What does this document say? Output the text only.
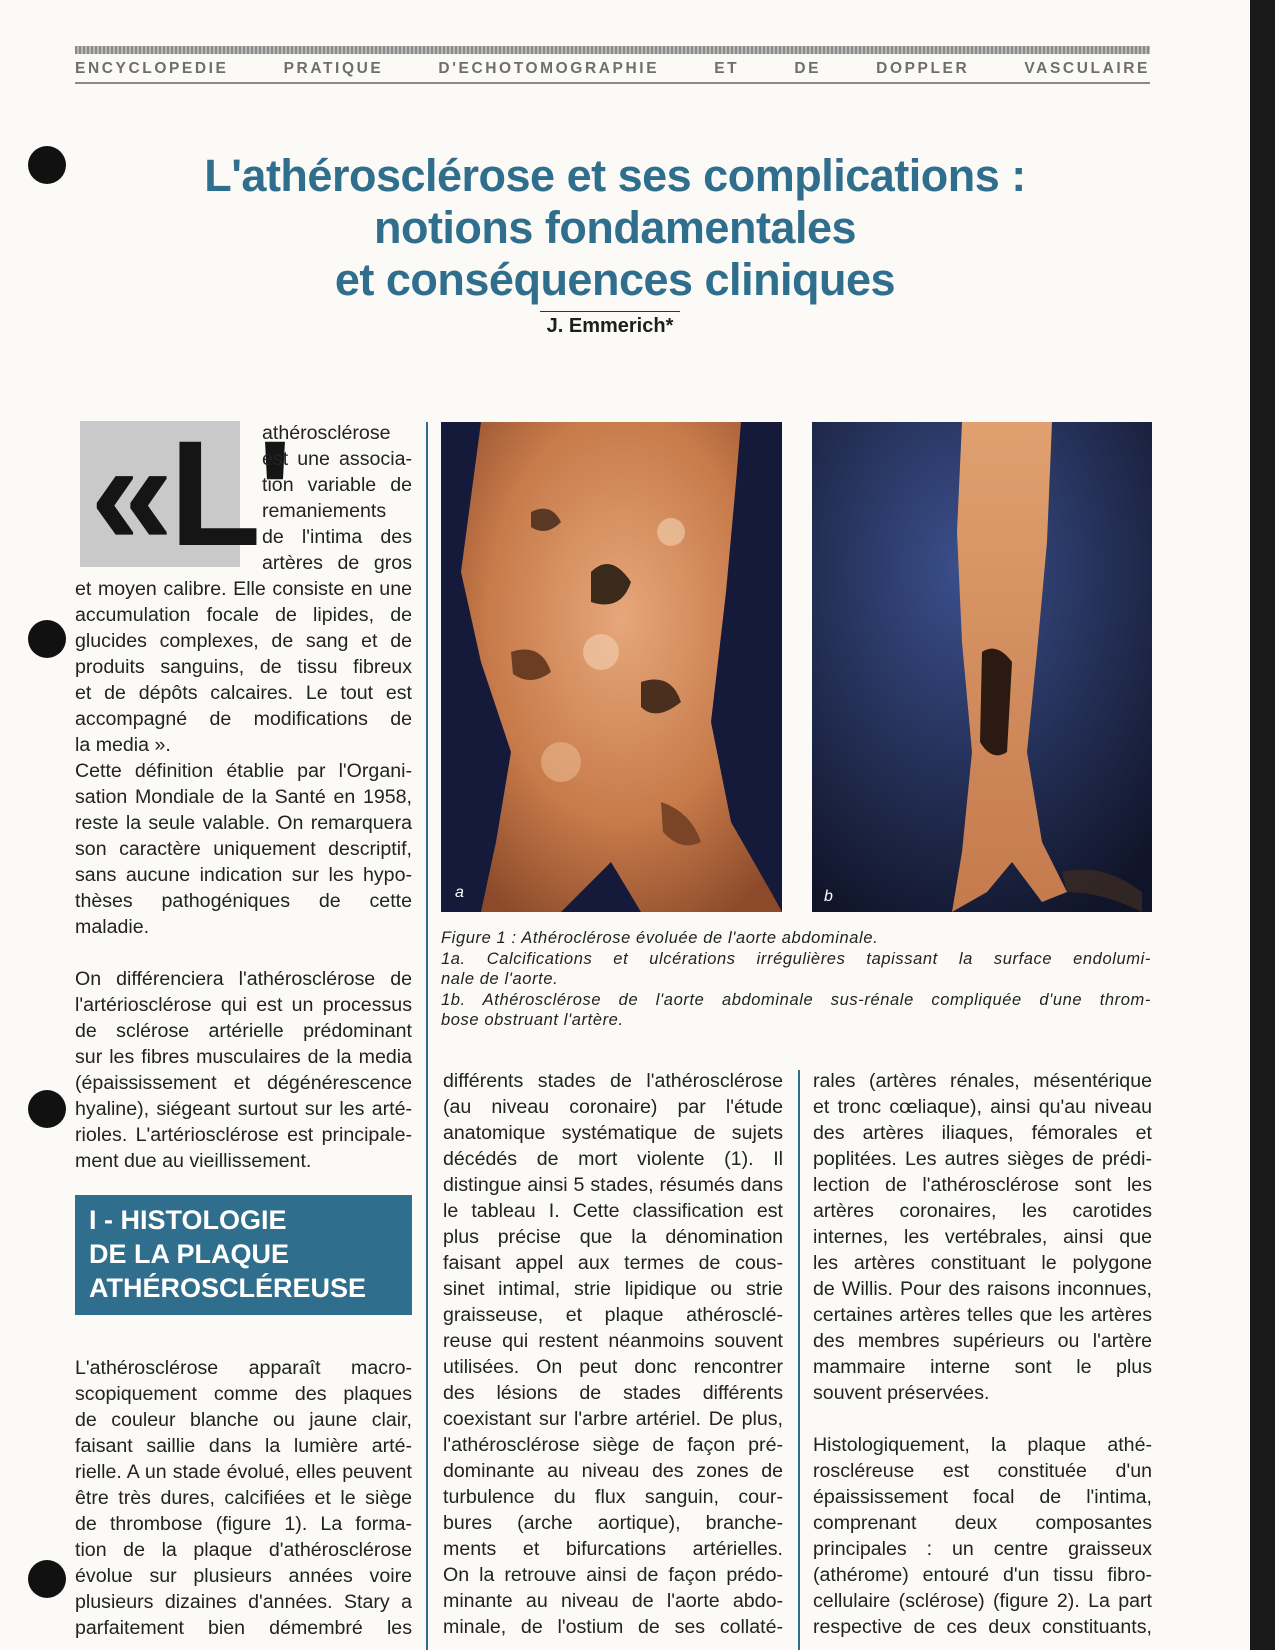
ENCYCLOPEDIE PRATIQUE D'ECHOTOMOGRAPHIE ET DE DOPPLER VASCULAIRE
L'athérosclérose et ses complications :
notions fondamentales
et conséquences cliniques
J. Emmerich*
«L'
athérosclérose
est une associa-
tion variable de
remaniements
de l'intima des
artères de gros
et moyen calibre. Elle consiste en une
accumulation focale de lipides, de
glucides complexes, de sang et de
produits sanguins, de tissu fibreux
et de dépôts calcaires. Le tout est
accompagné de modifications de
la media ».
Cette définition établie par l'Organi-
sation Mondiale de la Santé en 1958,
reste la seule valable. On remarquera
son caractère uniquement descriptif,
sans aucune indication sur les hypo-
thèses pathogéniques de cette
maladie.
On différenciera l'athérosclérose de
l'artériosclérose qui est un processus
de sclérose artérielle prédominant
sur les fibres musculaires de la media
(épaississement et dégénérescence
hyaline), siégeant surtout sur les arté-
rioles. L'artériosclérose est principale-
ment due au vieillissement.
I - HISTOLOGIE
DE LA PLAQUE
ATHÉROSCLÉREUSE
L'athérosclérose apparaît macro-
scopiquement comme des plaques
de couleur blanche ou jaune clair,
faisant saillie dans la lumière arté-
rielle. A un stade évolué, elles peuvent
être très dures, calcifiées et le siège
de thrombose (figure 1). La forma-
tion de la plaque d'athérosclérose
évolue sur plusieurs années voire
plusieurs dizaines d'années. Stary a
parfaitement bien démembré les
a	b
Figure 1 : Athéroclérose évoluée de l'aorte abdominale.
1a. Calcifications et ulcérations irrégulières tapissant la surface endolumi-
nale de l'aorte.
1b. Athérosclérose de l'aorte abdominale sus-rénale compliquée d'une throm-
bose obstruant l'artère.
différents stades de l'athérosclérose
(au niveau coronaire) par l'étude
anatomique systématique de sujets
décédés de mort violente (1). Il
distingue ainsi 5 stades, résumés dans
le tableau I. Cette classification est
plus précise que la dénomination
faisant appel aux termes de cous-
sinet intimal, strie lipidique ou strie
graisseuse, et plaque athérosclé-
reuse qui restent néanmoins souvent
utilisées. On peut donc rencontrer
des lésions de stades différents
coexistant sur l'arbre artériel. De plus,
l'athérosclérose siège de façon pré-
dominante au niveau des zones de
turbulence du flux sanguin, cour-
bures (arche aortique), branche-
ments et bifurcations artérielles.
On la retrouve ainsi de façon prédo-
minante au niveau de l'aorte abdo-
minale, de l'ostium de ses collaté-
rales (artères rénales, mésentérique
et tronc cœliaque), ainsi qu'au niveau
des artères iliaques, fémorales et
poplitées. Les autres sièges de prédi-
lection de l'athérosclérose sont les
artères coronaires, les carotides
internes, les vertébrales, ainsi que
les artères constituant le polygone
de Willis. Pour des raisons inconnues,
certaines artères telles que les artères
des membres supérieurs ou l'artère
mammaire interne sont le plus
souvent préservées.
Histologiquement, la plaque athé-
roscléreuse est constituée d'un
épaississement focal de l'intima,
comprenant deux composantes
principales : un centre graisseux
(athérome) entouré d'un tissu fibro-
cellulaire (sclérose) (figure 2). La part
respective de ces deux constituants,
